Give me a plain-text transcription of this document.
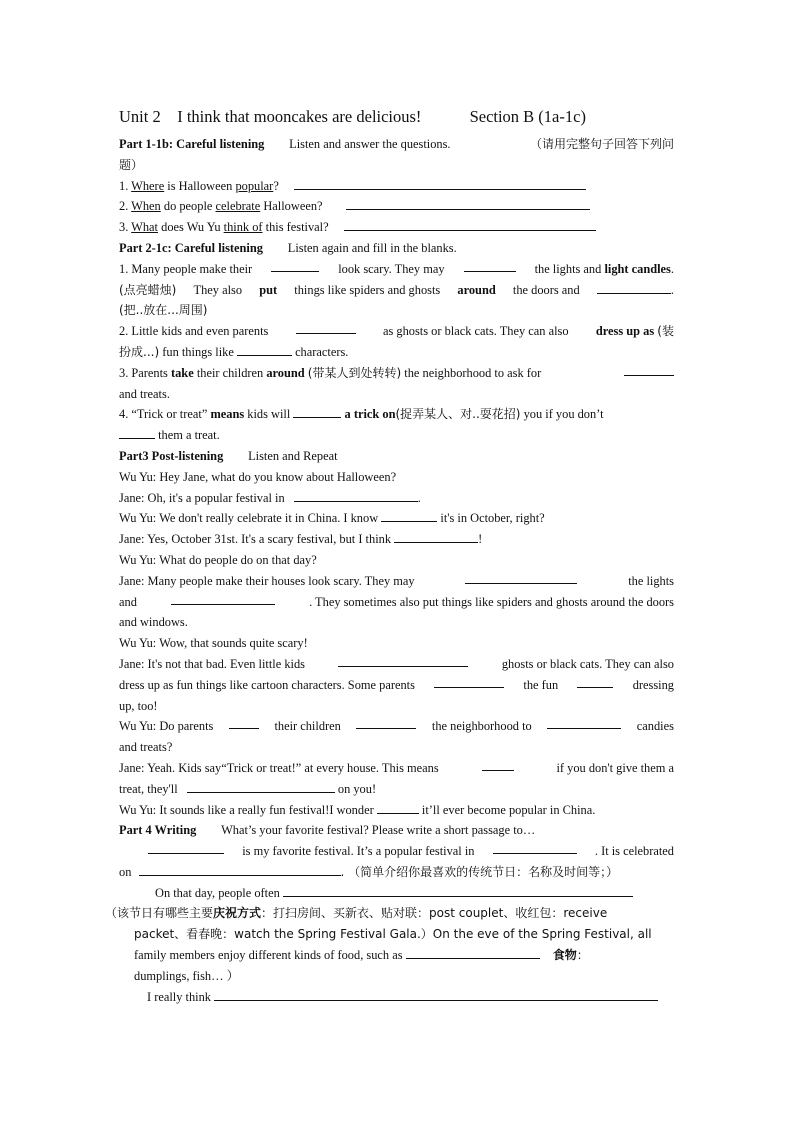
Unit 2 I think that mooncakes are delicious!	Section B (1a-1c)
Part 1-1b: Careful listening Listen and answer the questions.	（请用完整句子回答下列问
题）
1. Where is Halloween popular?
2. When do people celebrate Halloween?
3. What does Wu Yu think of this festival?
Part 2-1c: Careful listening Listen again and fill in the blanks.
1. Many people make their	look scary. They may	the lights and light candles.
(点亮蜡烛) They also put things like spiders and ghosts around the doors and	.
(把..放在...周围)
2. Little kids and even parents	as ghosts or black cats. They can also dress up as (装
扮成...) fun things like	characters.
3. Parents take their children around (带某人到处转转) the neighborhood to ask for
and treats.
4. “Trick or treat” means kids will	a trick on(捉弄某人、对..耍花招) you if you don’t
them a treat.
Part3 Post-listening Listen and Repeat
Wu Yu: Hey Jane, what do you know about Halloween?
Jane: Oh, it's a popular festival in	.
Wu Yu: We don't really celebrate it in China. I know	it's in October, right?
Jane: Yes, October 31st. It's a scary festival, but I think	!
Wu Yu: What do people do on that day?
Jane: Many people make their houses look scary. They may	the lights
and	. They sometimes also put things like spiders and ghosts around the doors
and windows.
Wu Yu: Wow, that sounds quite scary!
Jane: It's not that bad. Even little kids	ghosts or black cats. They can also
dress up as fun things like cartoon characters. Some parents	the fun	dressing
up, too!
Wu Yu: Do parents	their children	the neighborhood to	candies
and treats?
Jane: Yeah. Kids say“Trick or treat!” at every house. This means	if you don't give them a
treat, they'll	on you!
Wu Yu: It sounds like a really fun festival!I wonder	it’ll ever become popular in China.
Part 4 Writing What’s your favorite festival? Please write a short passage to…
is my favorite festival. It’s a popular festival in	. It is celebrated
on	. （简单介绍你最喜欢的传统节日：名称及时间等；）
On that day, people often
（该节日有哪些主要庆祝方式：打扫房间、买新衣、贴对联：post couplet、收红包：receive
packet、看春晚：watch the Spring Festival Gala.）On the eve of the Spring Festival, all
family members enjoy different kinds of food, such as	食物：
dumplings, fish… ）
I really think
